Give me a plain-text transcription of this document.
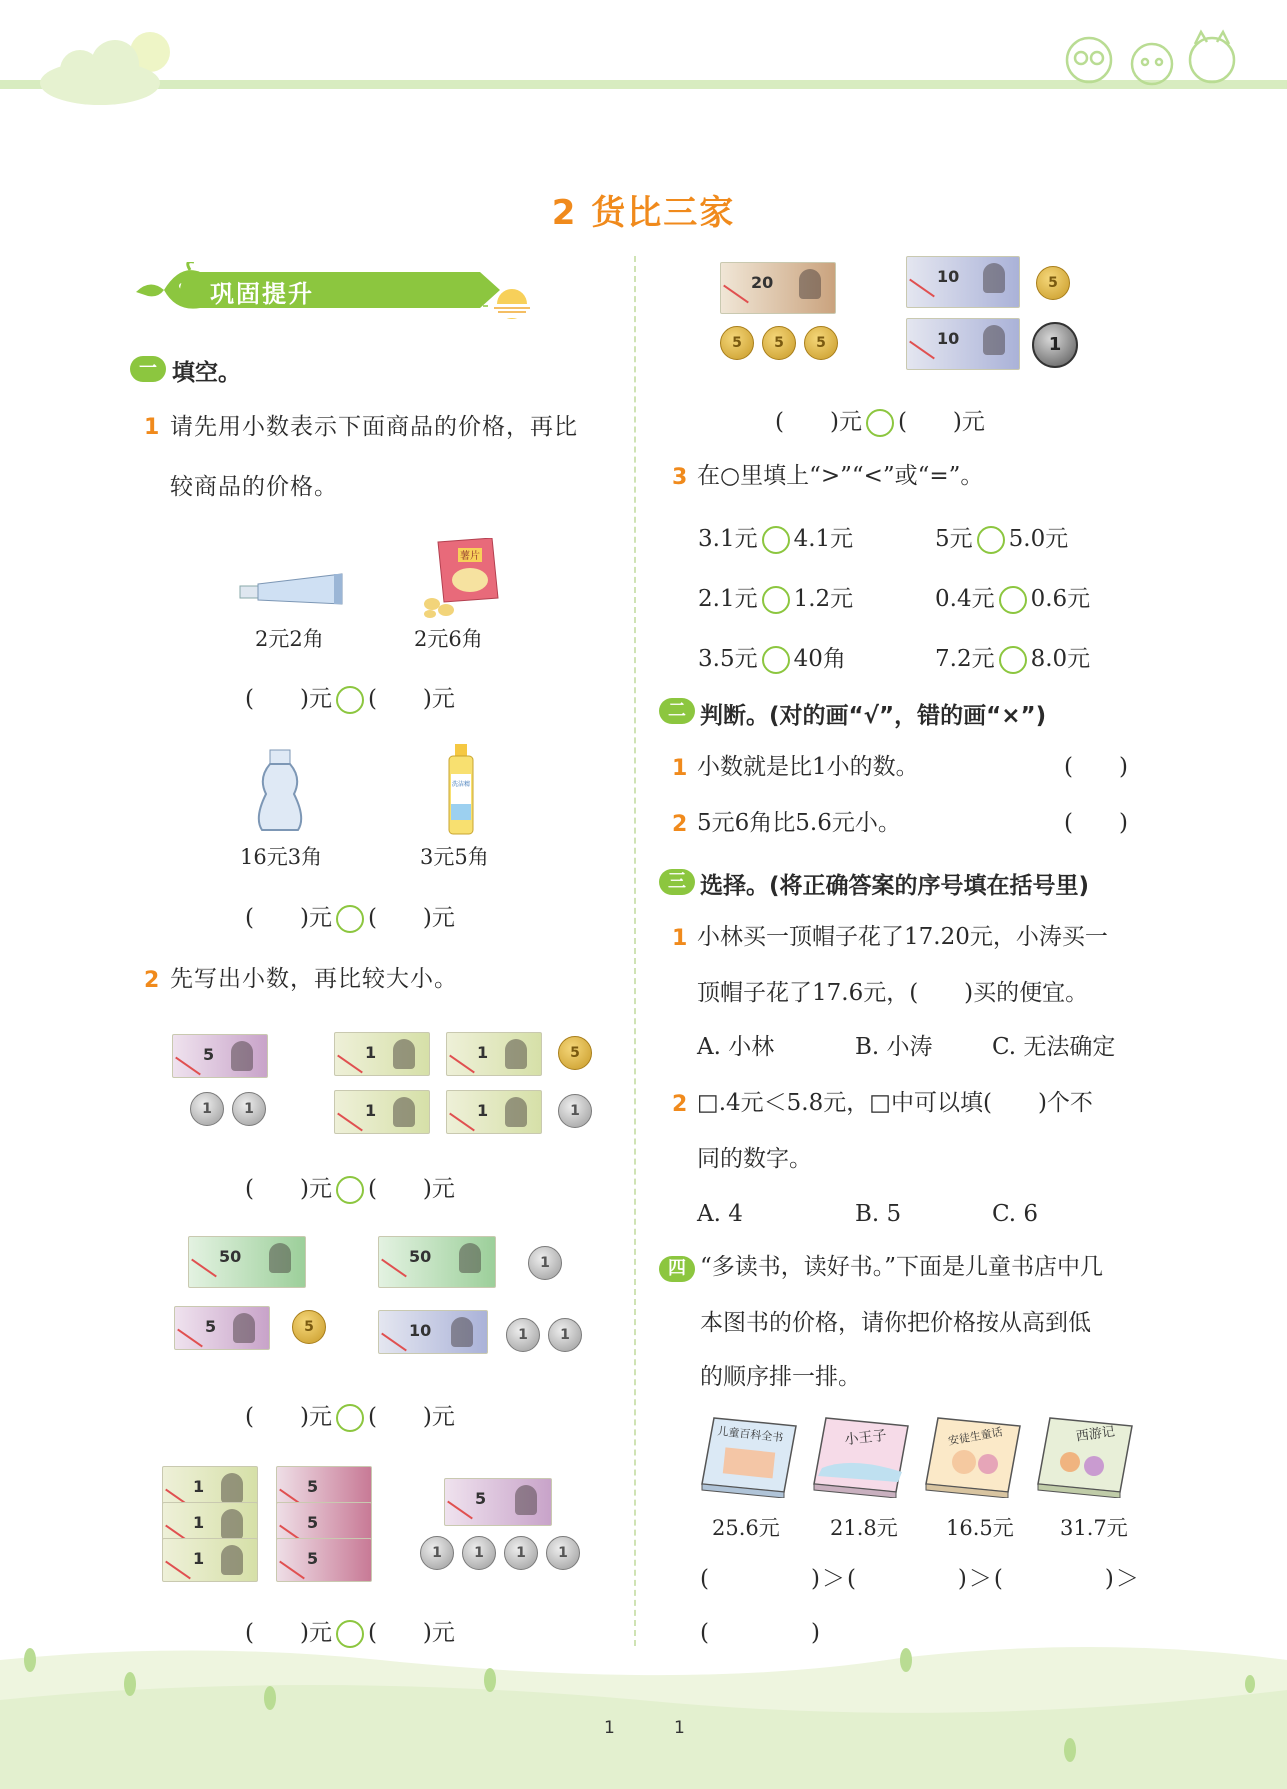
2 货比三家
巩固提升
一 填空。
1 请先用小数表示下面商品的价格，再比
较商品的价格。
薯片
2元2角	2元6角
(　　)元 (　　)元
洗洁精
16元3角	3元5角
(　　)元 (　　)元
2 先写出小数，再比较大小。
5
1	1
1	1	5
1	1	1
(　　)元 (　　)元
50
5	5
50	1
10	1	1
(　　)元 (　　)元
1
1
1
5
5
5
5
1	1	1	1
(　　)元 (　　)元
20
5	5	5
10	5
10	1
(　　)元 (　　)元
3 在○里填上“>”“<”或“=”。
3.1元 4.1元	5元 5.0元
2.1元 1.2元	0.4元 0.6元
3.5元 40角	7.2元 8.0元
二 判断。(对的画“√”，错的画“×”)
1 小数就是比1小的数。	(　　)
2 5元6角比5.6元小。	(　　)
三 选择。(将正确答案的序号填在括号里)
1 小林买一顶帽子花了17.20元，小涛买一
顶帽子花了17.6元，(　　)买的便宜。
A. 小林	B. 小涛	C. 无法确定
2 □.4元＜5.8元，□中可以填(　　)个不
同的数字。
A. 4	B. 5	C. 6
四 “多读书，读好书。”下面是儿童书店中几
本图书的价格，请你把价格按从高到低
的顺序排一排。
儿童百科全书	小王子	安徒生童话	西游记
25.6元 21.8元 16.5元 31.7元
(　　　　)＞(　　　　)＞(　　　　)＞
(　　　　)
1	1
